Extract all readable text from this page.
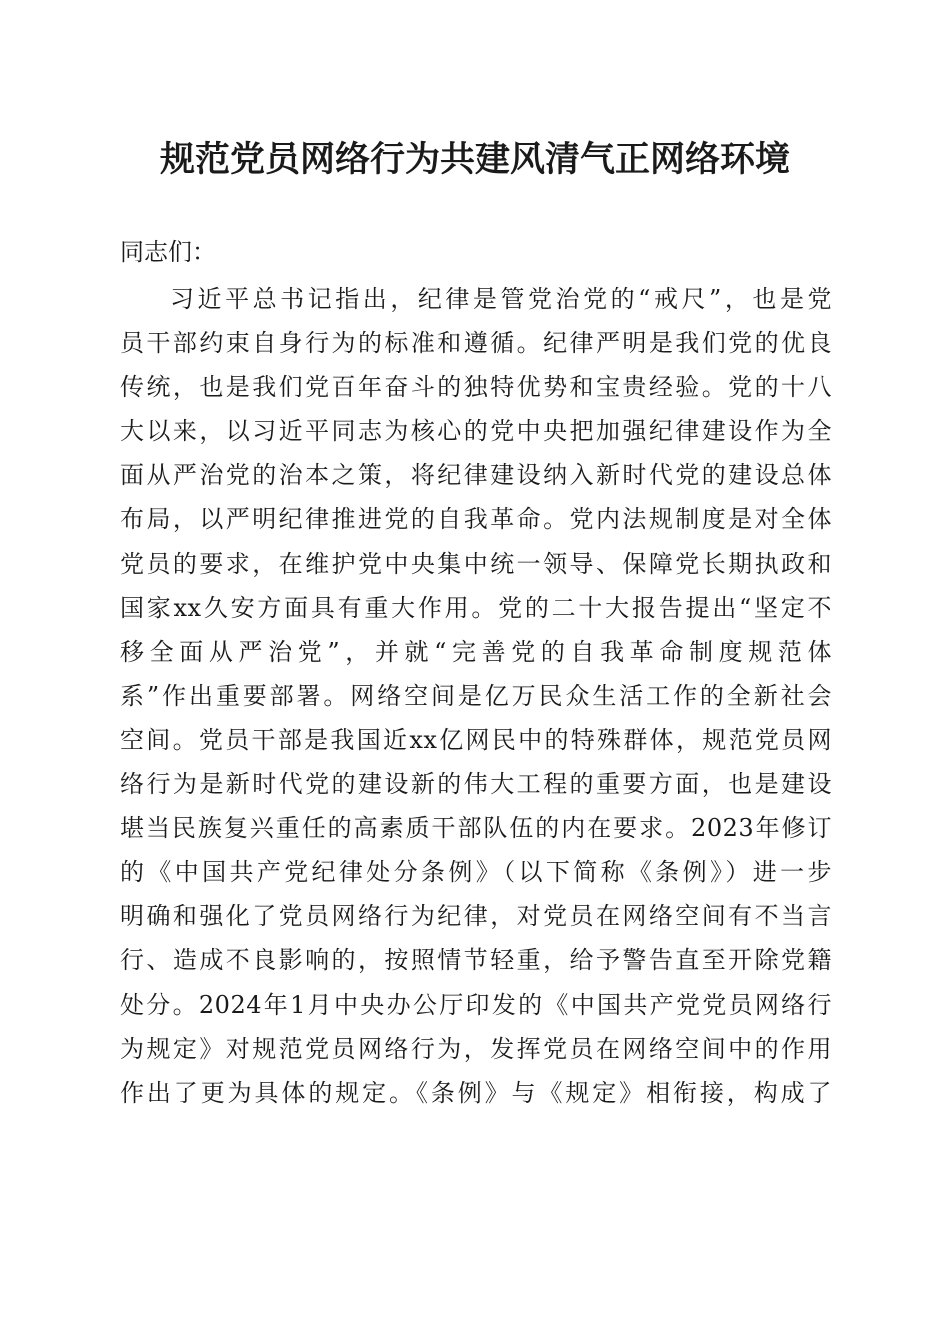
规范党员网络行为共建风清气正网络环境

同志们：

习近平总书记指出，纪律是管党治党的“戒尺”，也是党
员干部约束自身行为的标准和遵循。纪律严明是我们党的优良
传统，也是我们党百年奋斗的独特优势和宝贵经验。党的十八
大以来，以习近平同志为核心的党中央把加强纪律建设作为全
面从严治党的治本之策，将纪律建设纳入新时代党的建设总体
布局，以严明纪律推进党的自我革命。党内法规制度是对全体
党员的要求，在维护党中央集中统一领导、保障党长期执政和
国家xx久安方面具有重大作用。党的二十大报告提出“坚定不
移全面从严治党”，并就“完善党的自我革命制度规范体
系”作出重要部署。网络空间是亿万民众生活工作的全新社会
空间。党员干部是我国近xx亿网民中的特殊群体，规范党员网
络行为是新时代党的建设新的伟大工程的重要方面，也是建设
堪当民族复兴重任的高素质干部队伍的内在要求。2023年修订
的《中国共产党纪律处分条例》（以下简称《条例》）进一步
明确和强化了党员网络行为纪律，对党员在网络空间有不当言
行、造成不良影响的，按照情节轻重，给予警告直至开除党籍
处分。2024年1月中央办公厅印发的《中国共产党党员网络行
为规定》对规范党员网络行为，发挥党员在网络空间中的作用
作出了更为具体的规定。《条例》与《规定》相衔接，构成了
